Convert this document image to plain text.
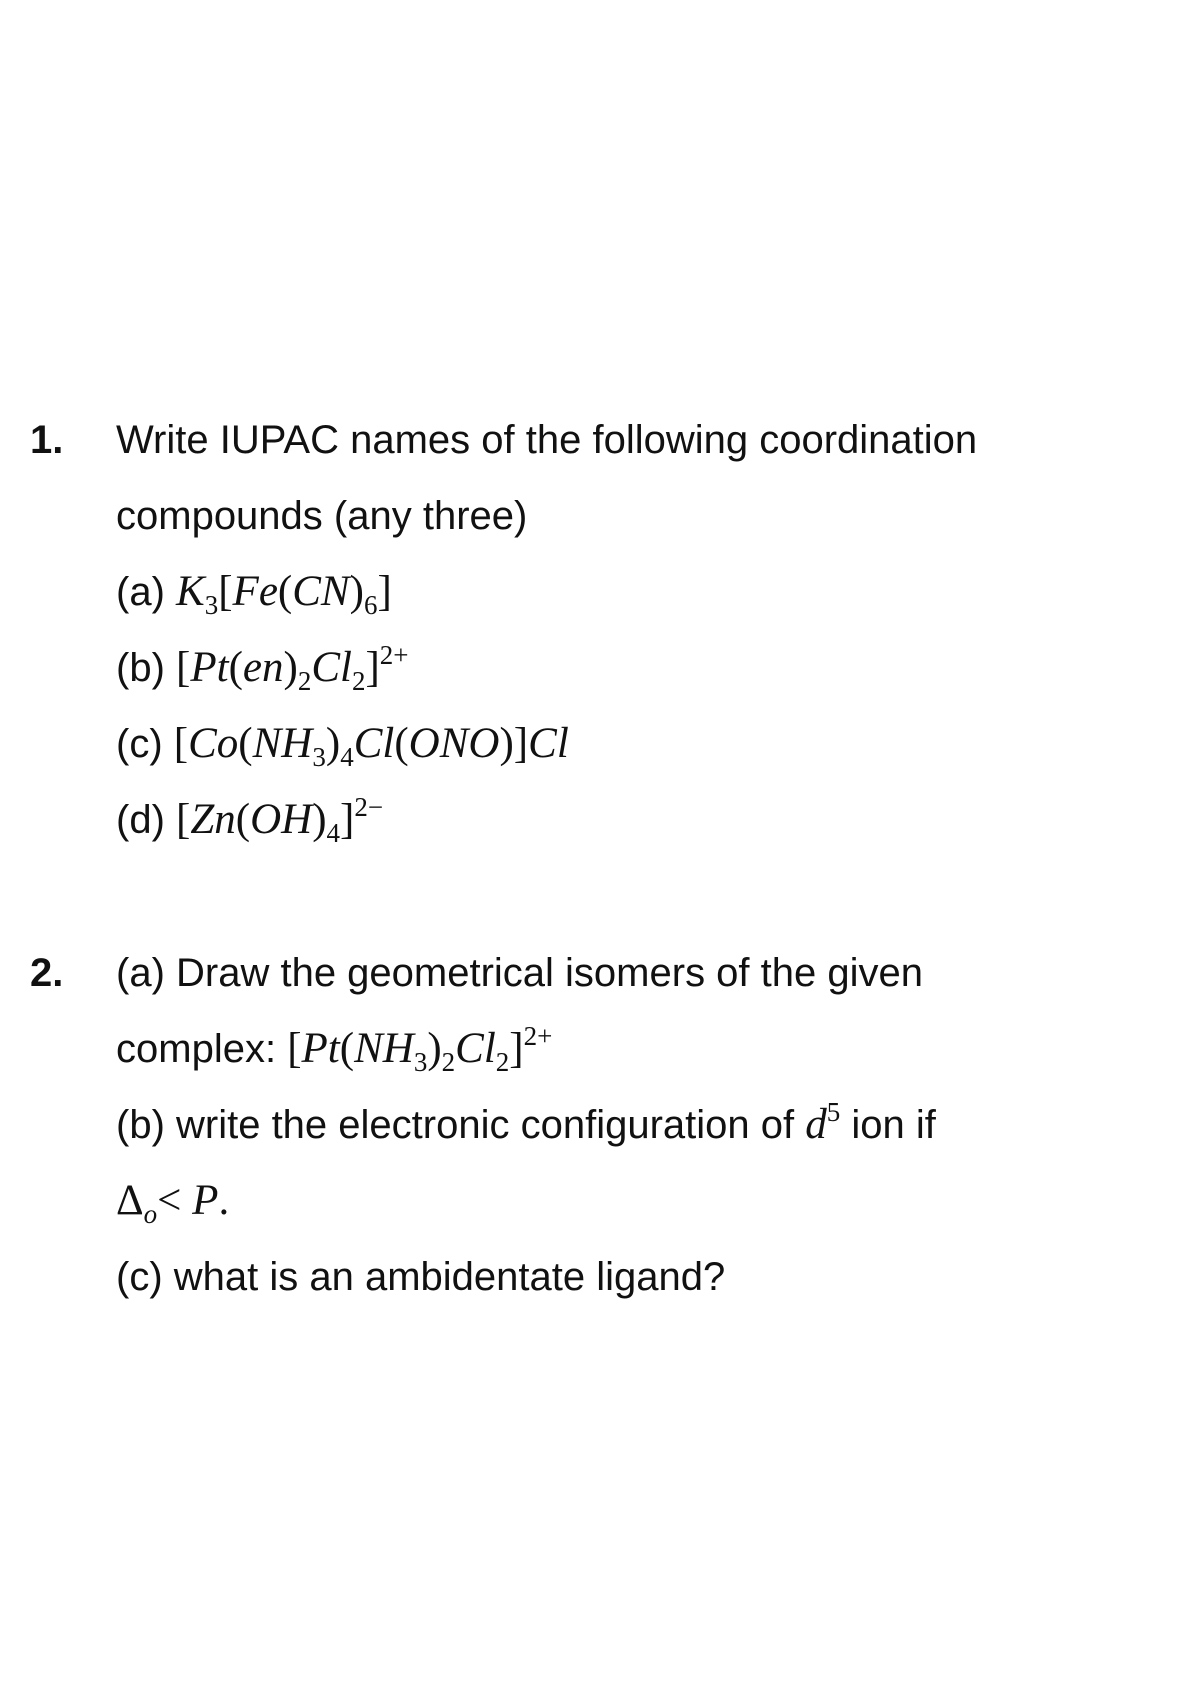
1. Write IUPAC names of the following coordination
compounds (any three)
(a) $K_3[Fe(CN)_6]$
(b) $[Pt(en)_2Cl_2]^{2+}$
(c) $[Co(NH_3)_4Cl(ONO)]Cl$
(d) $[Zn(OH)_4]^{2-}$
2. (a) Draw the geometrical isomers of the given
complex: $[Pt(NH_3)_2Cl_2]^{2+}$
(b) write the electronic configuration of $d^5$ ion if
$\Delta_o< P$.
(c) what is an ambidentate ligand?
